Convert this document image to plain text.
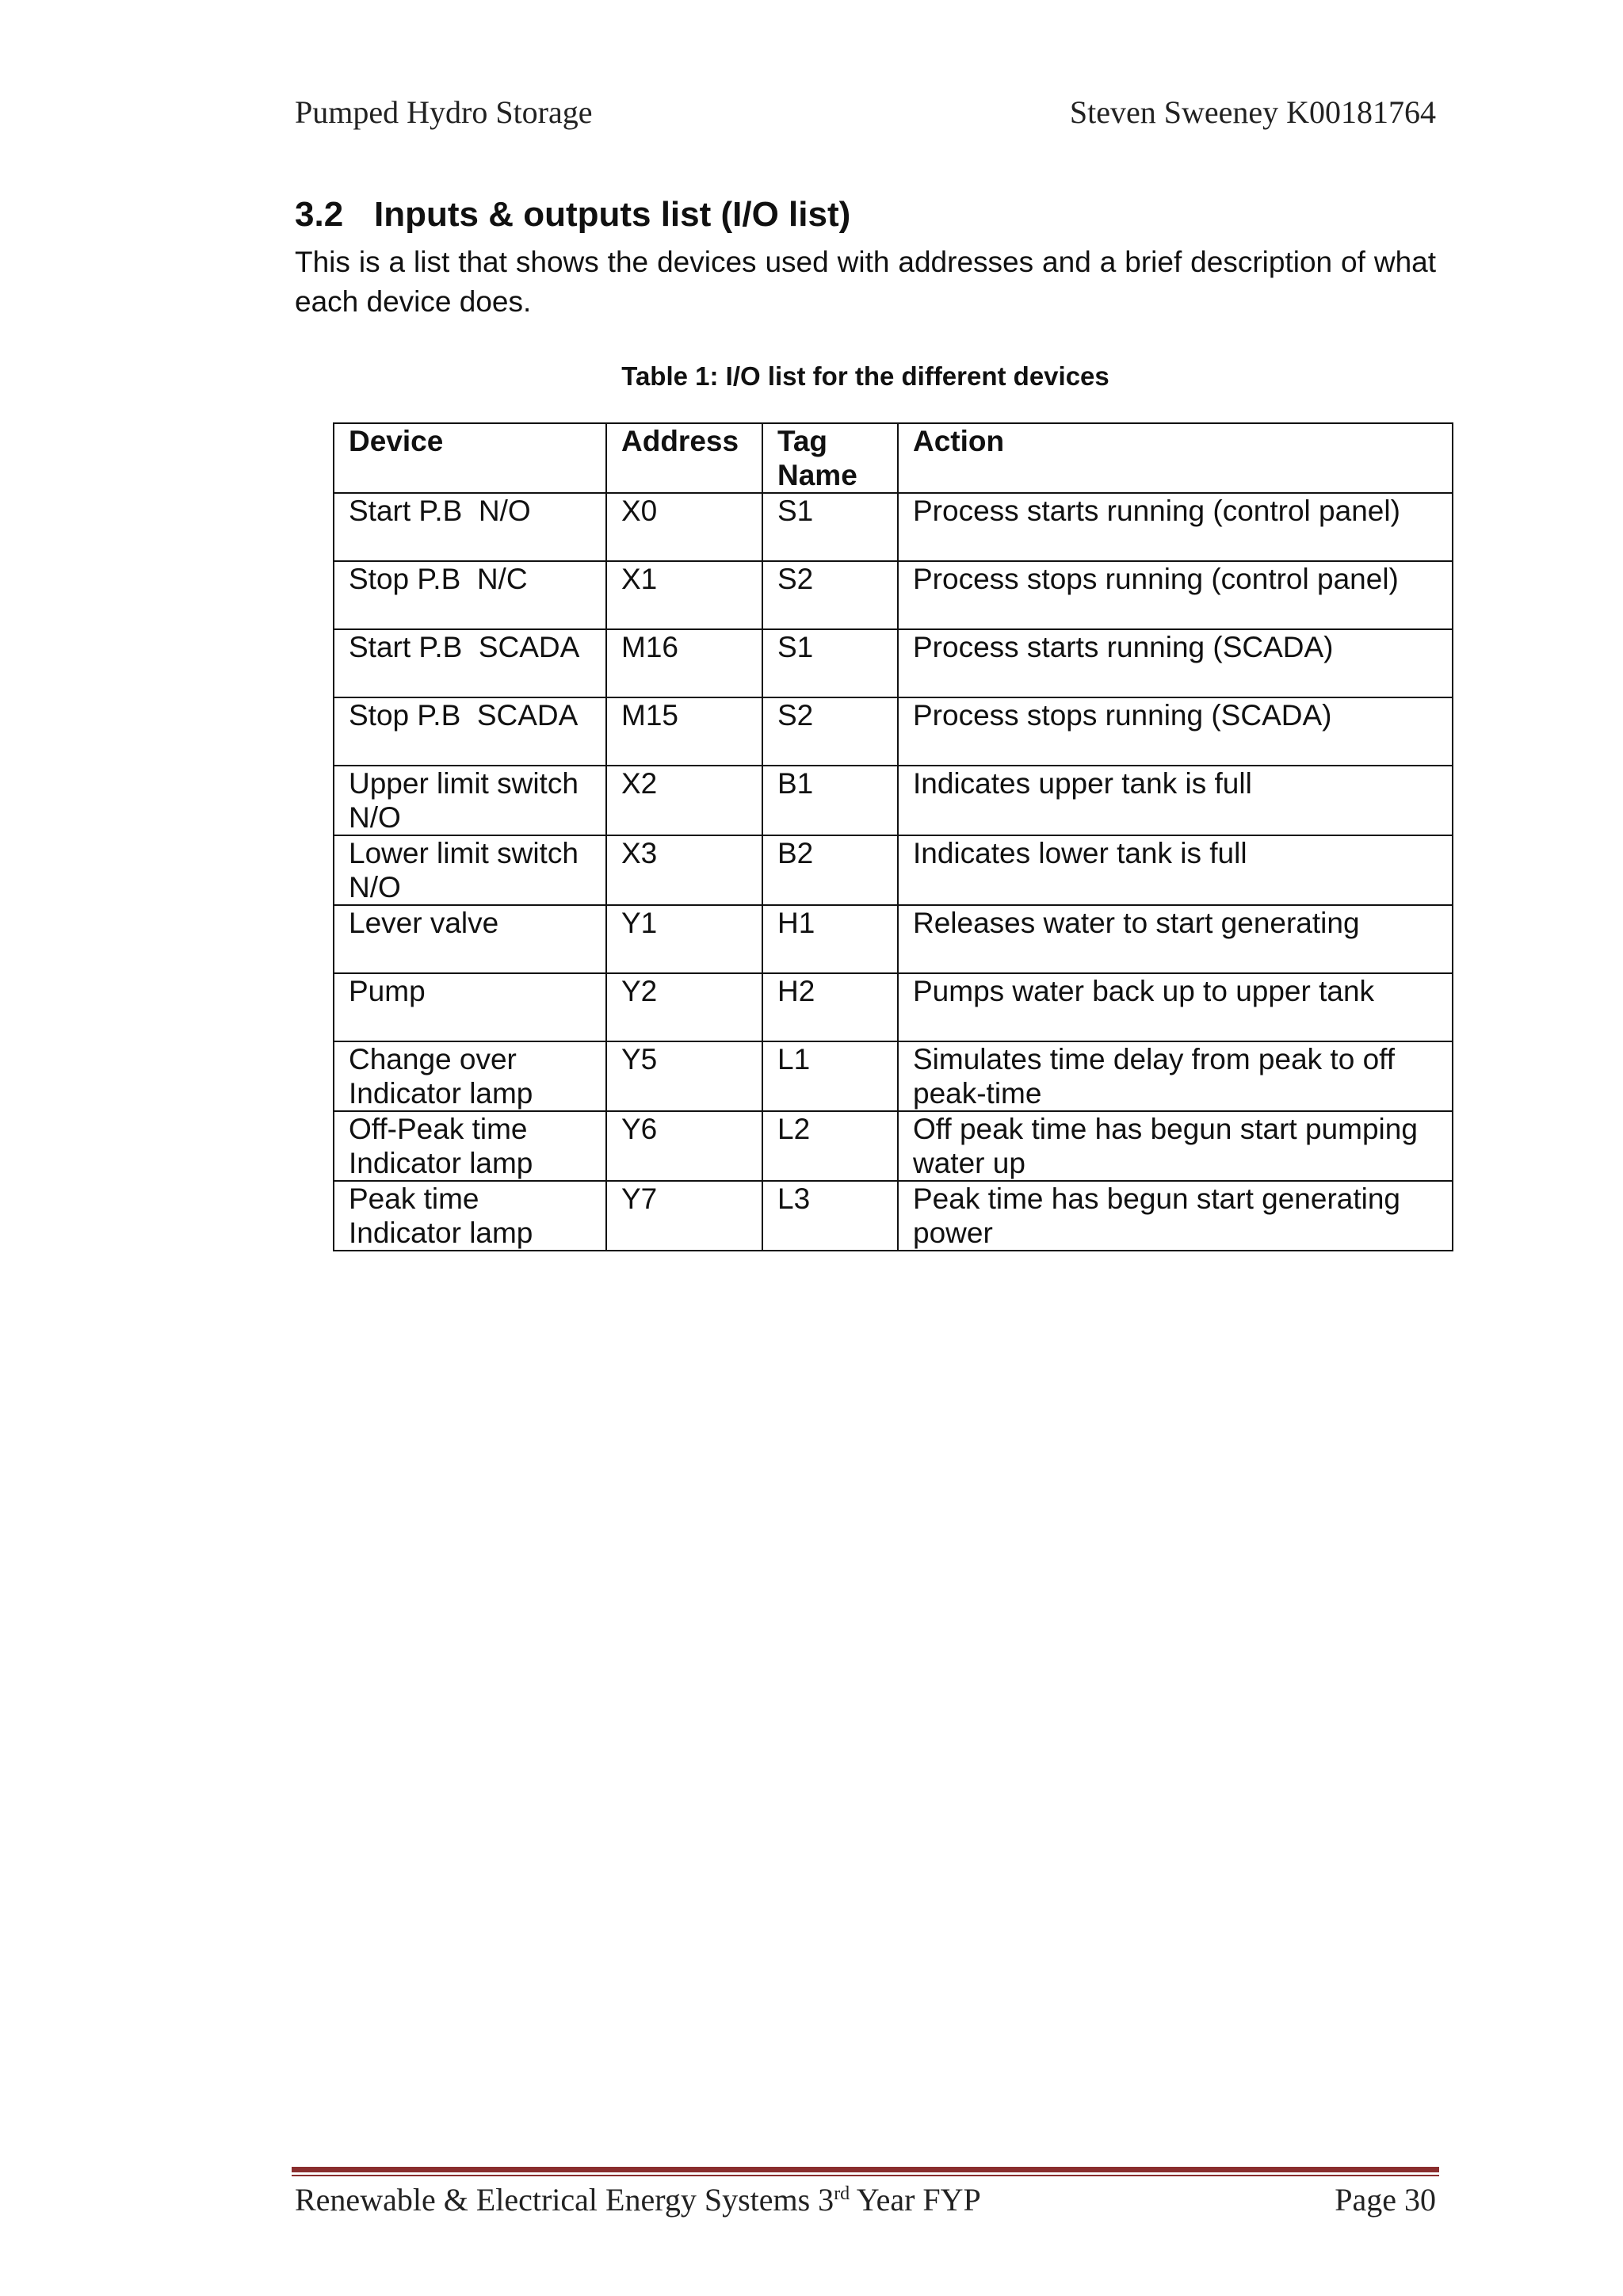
Pumped Hydro Storage	Steven Sweeney K00181764
3.2 Inputs & outputs list (I/O list)

This is a list that shows the devices used with addresses and a brief description of what each device does.

Table 1: I/O list for the different devices
Device	Address	Tag Name	Action
Start P.B  N/O	X0	S1	Process starts running (control panel)
Stop P.B  N/C	X1	S2	Process stops running (control panel)
Start P.B  SCADA	M16	S1	Process starts running (SCADA)
Stop P.B  SCADA	M15	S2	Process stops running (SCADA)
Upper limit switch N/O	X2	B1	Indicates upper tank is full
Lower limit switch N/O	X3	B2	Indicates lower tank is full
Lever valve	Y1	H1	Releases water to start generating
Pump	Y2	H2	Pumps water back up to upper tank
Change over Indicator lamp	Y5	L1	Simulates time delay from peak to off peak-time
Off-Peak time Indicator lamp	Y6	L2	Off peak time has begun start pumping water up
Peak time Indicator lamp	Y7	L3	Peak time has begun start generating power
Renewable & Electrical Energy Systems 3rd Year FYP	Page 30
